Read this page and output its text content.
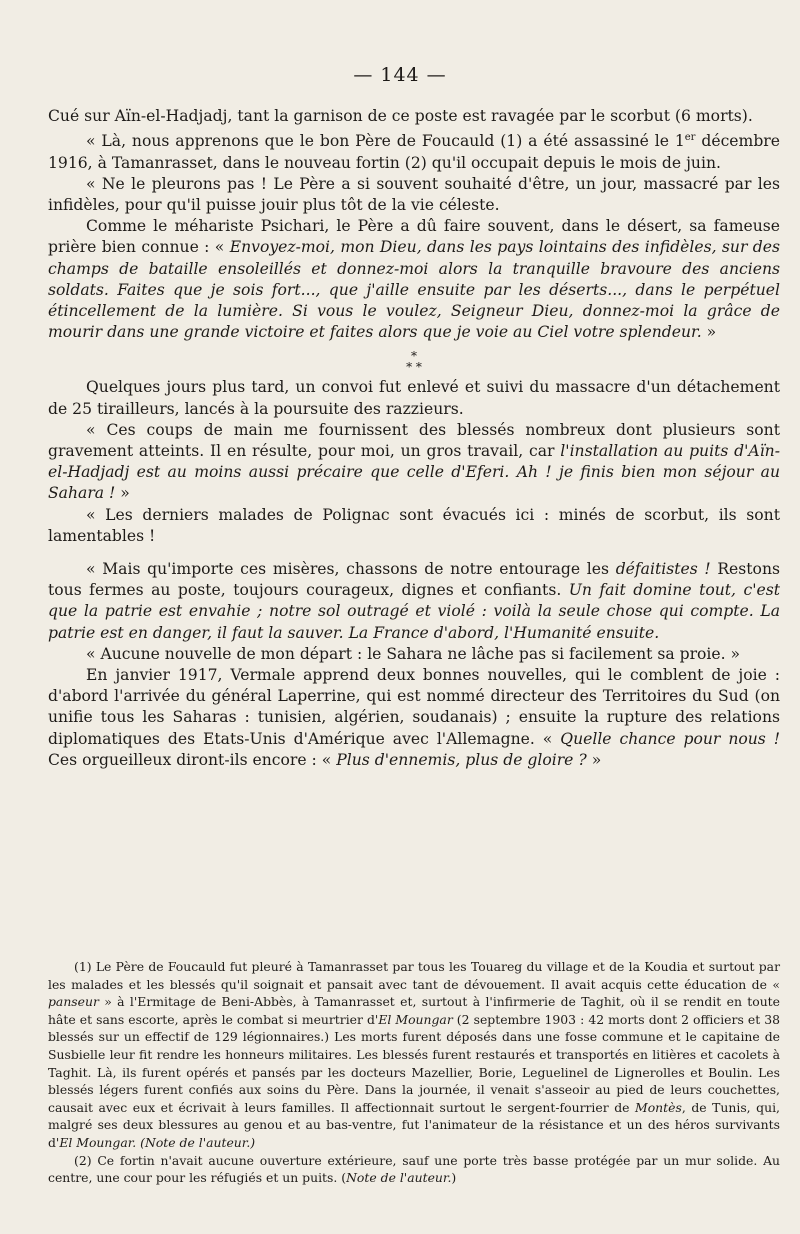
— 144 —

Cué sur Aïn-el-Hadjadj, tant la garnison de ce poste est ravagée par le scorbut (6 morts).

« Là, nous apprenons que le bon Père de Foucauld (1) a été assassiné le 1er décembre 1916, à Tamanrasset, dans le nouveau fortin (2) qu'il occupait depuis le mois de juin.

« Ne le pleurons pas ! Le Père a si souvent souhaité d'être, un jour, massacré par les infidèles, pour qu'il puisse jouir plus tôt de la vie céleste.

Comme le méhariste Psichari, le Père a dû faire souvent, dans le désert, sa fameuse prière bien connue : « Envoyez-moi, mon Dieu, dans les pays lointains des infidèles, sur des champs de bataille ensoleillés et donnez-moi alors la tranquille bravoure des anciens soldats. Faites que je sois fort..., que j'aille ensuite par les déserts..., dans le perpétuel étincellement de la lumière. Si vous le voulez, Seigneur Dieu, donnez-moi la grâce de mourir dans une grande victoire et faites alors que je voie au Ciel votre splendeur. »

*
* *

Quelques jours plus tard, un convoi fut enlevé et suivi du massacre d'un détachement de 25 tirailleurs, lancés à la poursuite des razzieurs.

« Ces coups de main me fournissent des blessés nombreux dont plusieurs sont gravement atteints. Il en résulte, pour moi, un gros travail, car l'installation au puits d'Aïn-el-Hadjadj est au moins aussi précaire que celle d'Eferi. Ah ! je finis bien mon séjour au Sahara ! »

« Les derniers malades de Polignac sont évacués ici : minés de scorbut, ils sont lamentables !

« Mais qu'importe ces misères, chassons de notre entourage les défaitistes ! Restons tous fermes au poste, toujours courageux, dignes et confiants. Un fait domine tout, c'est que la patrie est envahie ; notre sol outragé et violé : voilà la seule chose qui compte. La patrie est en danger, il faut la sauver. La France d'abord, l'Humanité ensuite.

« Aucune nouvelle de mon départ : le Sahara ne lâche pas si facilement sa proie. »

En janvier 1917, Vermale apprend deux bonnes nouvelles, qui le comblent de joie : d'abord l'arrivée du général Laperrine, qui est nommé directeur des Territoires du Sud (on unifie tous les Saharas : tunisien, algérien, soudanais) ; ensuite la rupture des relations diplomatiques des Etats-Unis d'Amérique avec l'Allemagne. « Quelle chance pour nous ! Ces orgueilleux diront-ils encore : « Plus d'ennemis, plus de gloire ? »

(1) Le Père de Foucauld fut pleuré à Tamanrasset par tous les Touareg du village et de la Koudia et surtout par les malades et les blessés qu'il soignait et pansait avec tant de dévouement. Il avait acquis cette éducation de « panseur » à l'Ermitage de Beni-Abbès, à Tamanrasset et, surtout à l'infirmerie de Taghit, où il se rendit en toute hâte et sans escorte, après le combat si meurtrier d'El Moungar (2 septembre 1903 : 42 morts dont 2 officiers et 38 blessés sur un effectif de 129 légionnaires.) Les morts furent déposés dans une fosse commune et le capitaine de Susbielle leur fit rendre les honneurs militaires. Les blessés furent restaurés et transportés en litières et cacolets à Taghit. Là, ils furent opérés et pansés par les docteurs Mazellier, Borie, Leguelinel de Lignerolles et Boulin. Les blessés légers furent confiés aux soins du Père. Dans la journée, il venait s'asseoir au pied de leurs couchettes, causait avec eux et écrivait à leurs familles. Il affectionnait surtout le sergent-fourrier de Montès, de Tunis, qui, malgré ses deux blessures au genou et au bas-ventre, fut l'animateur de la résistance et un des héros survivants d'El Moungar. (Note de l'auteur.)

(2) Ce fortin n'avait aucune ouverture extérieure, sauf une porte très basse protégée par un mur solide. Au centre, une cour pour les réfugiés et un puits. (Note de l'auteur.)
